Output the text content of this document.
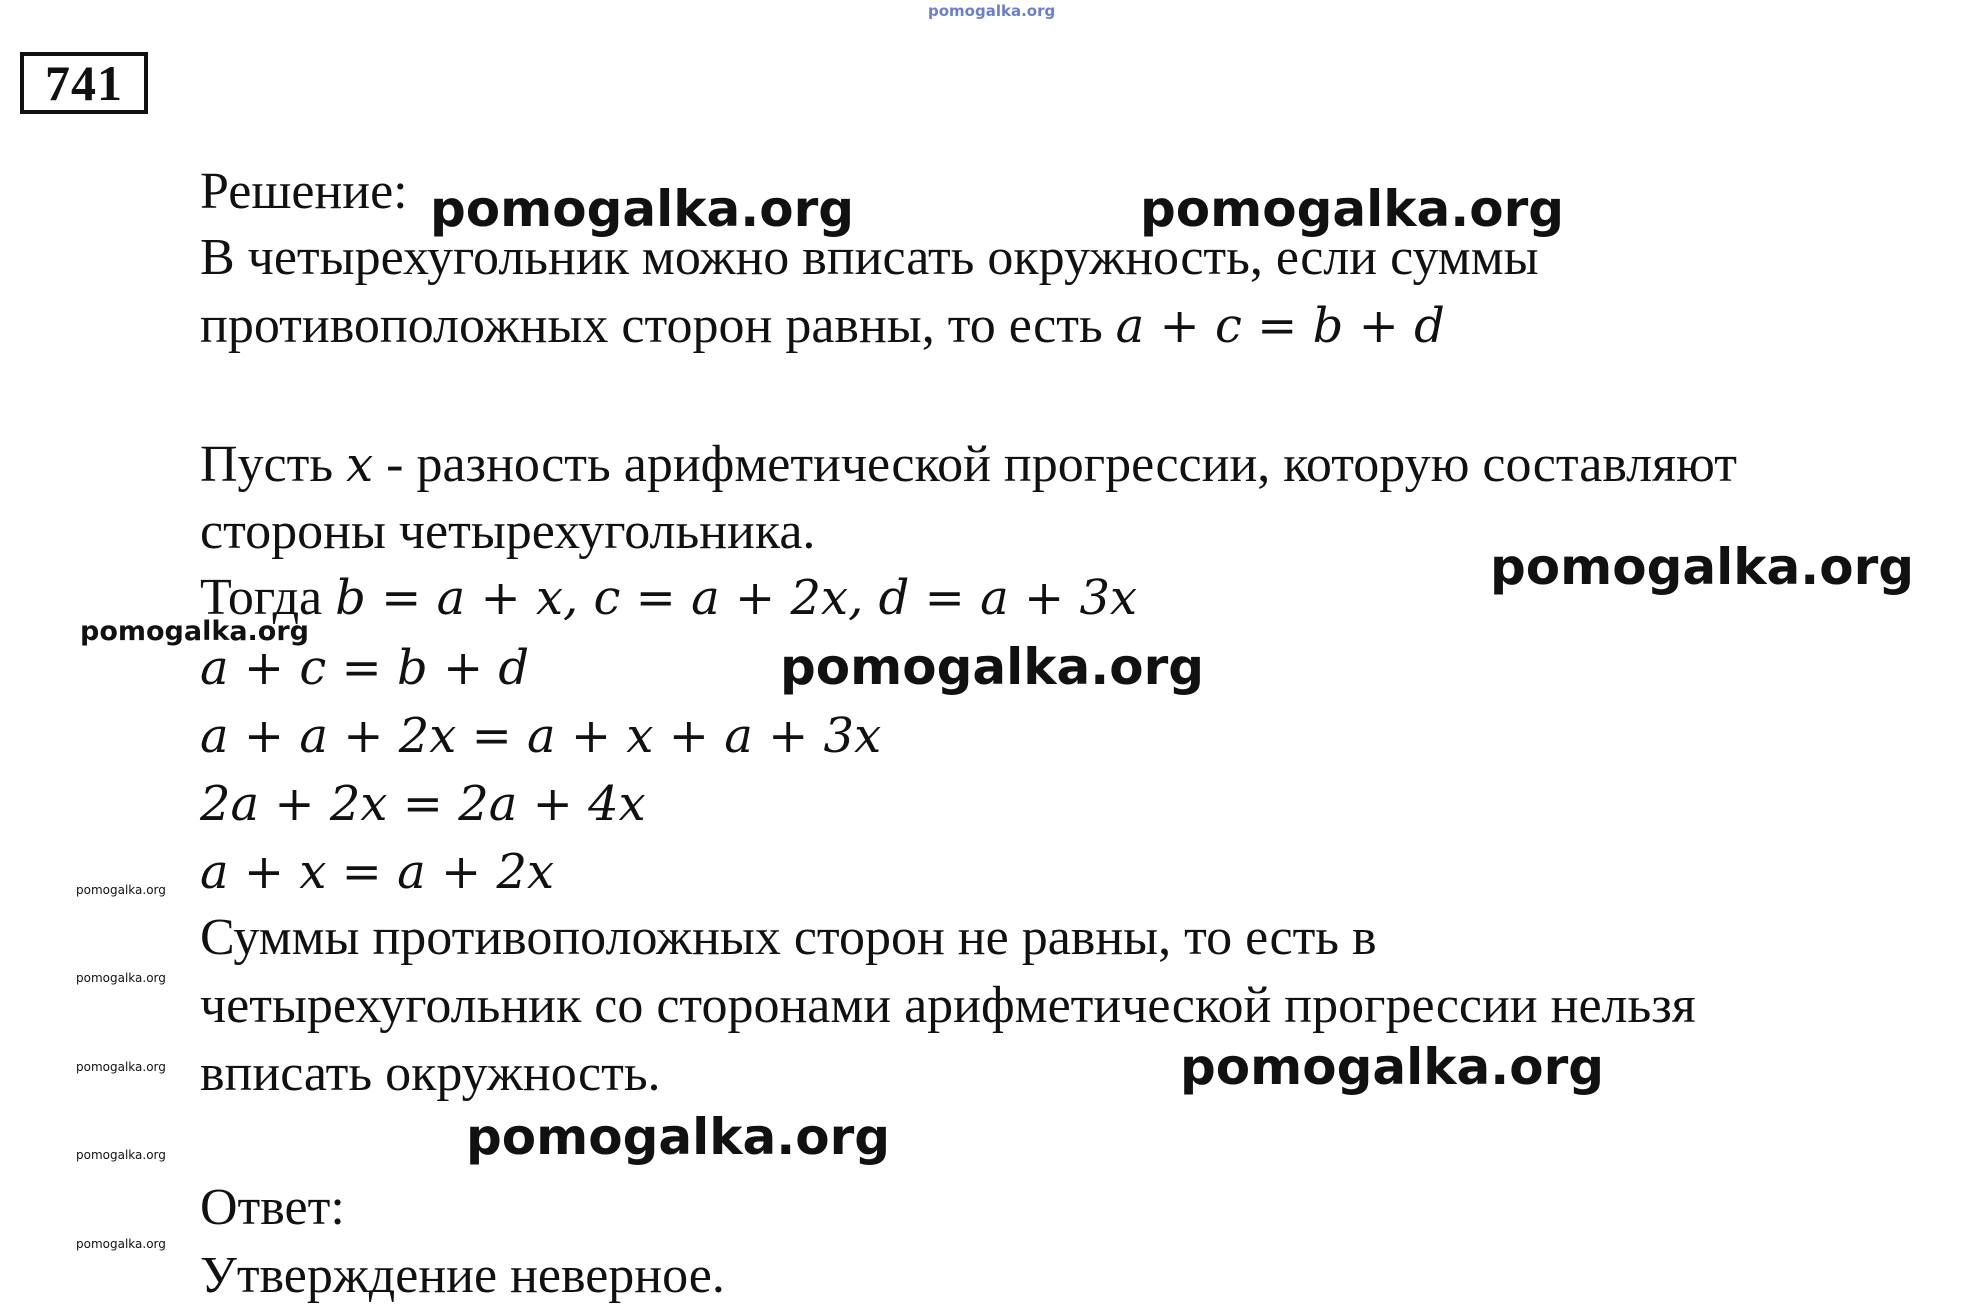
pomogalka.org
741
Решение:
В четырехугольник можно вписать окружность, если суммы
противоположных сторон равны, то есть a + c = b + d
Пусть x - разность арифметической прогрессии, которую составляют
стороны четырехугольника.
Тогда b = a + x, c = a + 2x, d = a + 3x
a + c = b + d
a + a + 2x = a + x + a + 3x
2a + 2x = 2a + 4x
a + x = a + 2x
Суммы противоположных сторон не равны, то есть в
четырехугольник со сторонами арифметической прогрессии нельзя
вписать окружность.
Ответ:
Утверждение неверное.
pomogalka.org	pomogalka.org
pomogalka.org
pomogalka.org
pomogalka.org
pomogalka.org
pomogalka.org
pomogalka.org
pomogalka.org
pomogalka.org
pomogalka.org
pomogalka.org
